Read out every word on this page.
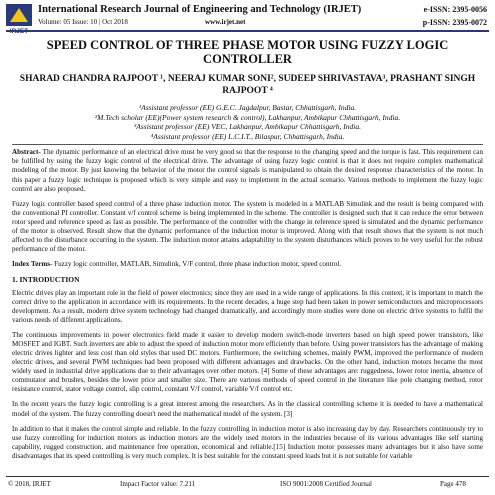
International Research Journal of Engineering and Technology (IRJET)
Volume: 05 Issue: 10 | Oct 2018	www.irjet.net
e-ISSN: 2395-0056
p-ISSN: 2395-0072
SPEED CONTROL OF THREE PHASE MOTOR USING FUZZY LOGIC CONTROLLER
SHARAD CHANDRA RAJPOOT ¹, NEERAJ KUMAR SONI², SUDEEP SHRIVASTAVA³, PRASHANT SINGH RAJPOOT ⁴
¹Assistant professor (EE) G.E.C. Jagdalpur, Bastar, Chhattisgarh, India.
²M.Tech scholar (EE)(Power system research & control), Lakhanpur, Ambikapur Chhattisgarh, India.
³Assistant professor (EE) VEC, Lakhanpur, Ambikapur Chhattisgarh, India.
⁴Assistant professor (EE) L.C.I.T., Bilaspur, Chhattisgarh, India.

Abstract- The dynamic performance of an electrical drive must be very good so that the response to the changing speed and the torque is fast. This requirement can be fulfilled by using the fuzzy logic control of the electrical drive. The advantage of using fuzzy logic control is that it does not require complex mathematical modeling of the motor. By just knowing the behavior of the motor the control signals is manipulated to obtain the desired response characteristics of the motor. In this paper a fuzzy logic technique is proposed which is very simple and easy to implement in the actual scenario. Various methods to implement the fuzzy logic control are also proposed.

Fuzzy logic controller based speed control of a three phase induction motor. The system is modeled in a MATLAB Simulink and the result is being compared with the conventional PI controller. Constant v/f control scheme is being implemented in the scheme. The controller is designed such that it can reduce the error between rotor speed and reference speed as fast as possible. The performance of the controller with the change in reference speed is simulated and the dynamic performance of the motor is observed. Result show that the dynamic performance of the induction motor is improved. Along with that result shows that the system is not much affected to the disturbance occurring in the system. The induction motor attains adaptability to the system disturbances which proves to be very useful for the robust performance of the motor.

Index Terms- Fuzzy logic controller, MATLAB, Simulink, V/F control, three phase induction motor, speed control.

1. INTRODUCTION

Electric drives play an important role in the field of power electronics; since they are used in a wide range of applications. In this context, it is important to match the correct drive to the application in accordance with its requirements. In the recent decades, a huge step had been taken in power semiconductors and microprocessors development. As a result, modern drive system technology had changed dramatically, and accordingly more studies were done on electric drive systems to fulfil the various needs of different applications.

The continuous improvements in power electronics field made it easier to develop modern switch-mode inverters based on high speed power transistors, like MOSFET and IGBT. Such inverters are able to adjust the speed of induction motor more efficiently than before. Using power transistors has the advantage of making electric drives lighter and less cost than old styles that used DC motors. Furthermore, the switching schemes, mainly PWM, improved the performance of modern electric drives, and several PWM techniques had been proposed with different advantages and drawbacks. On the other hand, induction motors became the most widely used in industrial drive applications due to their advantages over other motors. [4] Some of these advantages are: ruggedness, lower rotor inertia, absence of commutator and brushes, besides the lower price and smaller size. There are various methods of speed control in the literature like pole changing method, rotor resistance control, stator voltage control, slip control, constant V/f control, variable V/f control etc.

In the recent years the fuzzy logic controlling is a great interest among the researchers. As in the classical controlling scheme it is needed to have a mathematical model of the system. The fuzzy controlling doesn't need the mathematical model of the system. [3]

In addition to that it makes the control simple and reliable. In the fuzzy controlling in induction motor is also increasing day by day. Researchers continuously try to use fuzzy controlling for induction motors as induction motors are the widely used motors in the industries because of its various advantages like self starting capability, rugged construction, and maintenance free operation, economical and reliable.[15] Induction motor possesses many advantages but it also have some disadvantages that its speed controlling is very much complex. It is best suitable for the constant speed loads but it is not suitable for variable

© 2018, IRJET	Impact Factor value: 7.211	ISO 9001:2008 Certified Journal	Page 478
